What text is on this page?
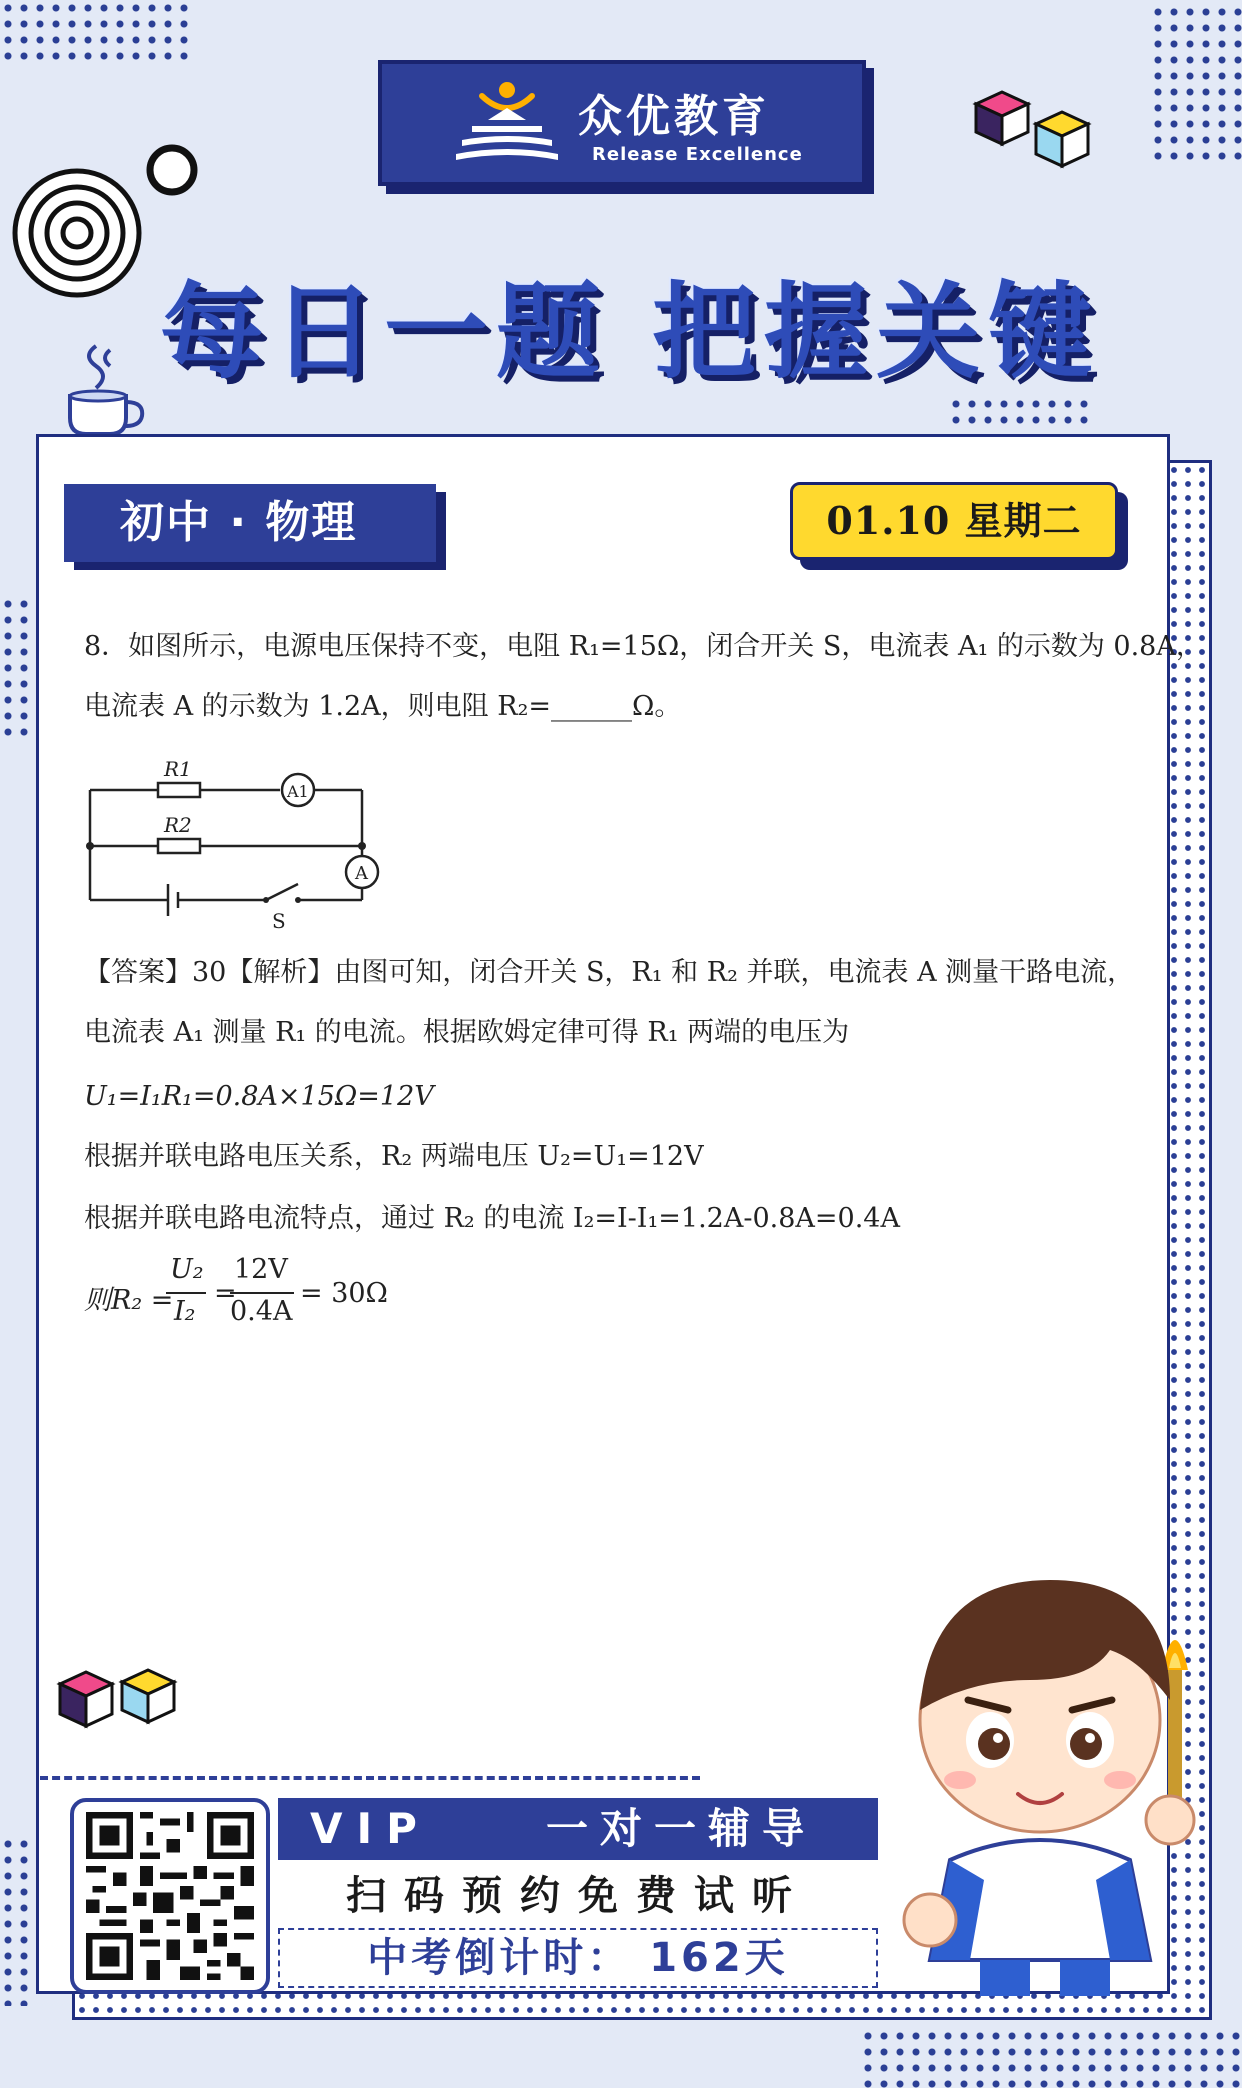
众优教育
Release Excellence
每日一题 把握关键
初中 · 物理	01.10 星期二
8．如图所示，电源电压保持不变，电阻 R₁=15Ω，闭合开关 S，电流表 A₁ 的示数为 0.8A，
电流表 A 的示数为 1.2A，则电阻 R₂=______Ω。
R1
R2
A1
A
S
【答案】30【解析】由图可知，闭合开关 S，R₁ 和 R₂ 并联，电流表 A 测量干路电流，
电流表 A₁ 测量 R₁ 的电流。根据欧姆定律可得 R₁ 两端的电压为
U₁=I₁R₁=0.8A×15Ω=12V
根据并联电路电压关系，R₂ 两端电压 U₂=U₁=12V
根据并联电路电流特点，通过 R₂ 的电流 I₂=I-I₁=1.2A-0.8A=0.4A
则R₂ =
U₂
I₂
=
12V
0.4A
= 30Ω
VIP	一对一辅导
扫码预约免费试听
中考倒计时： 162天
